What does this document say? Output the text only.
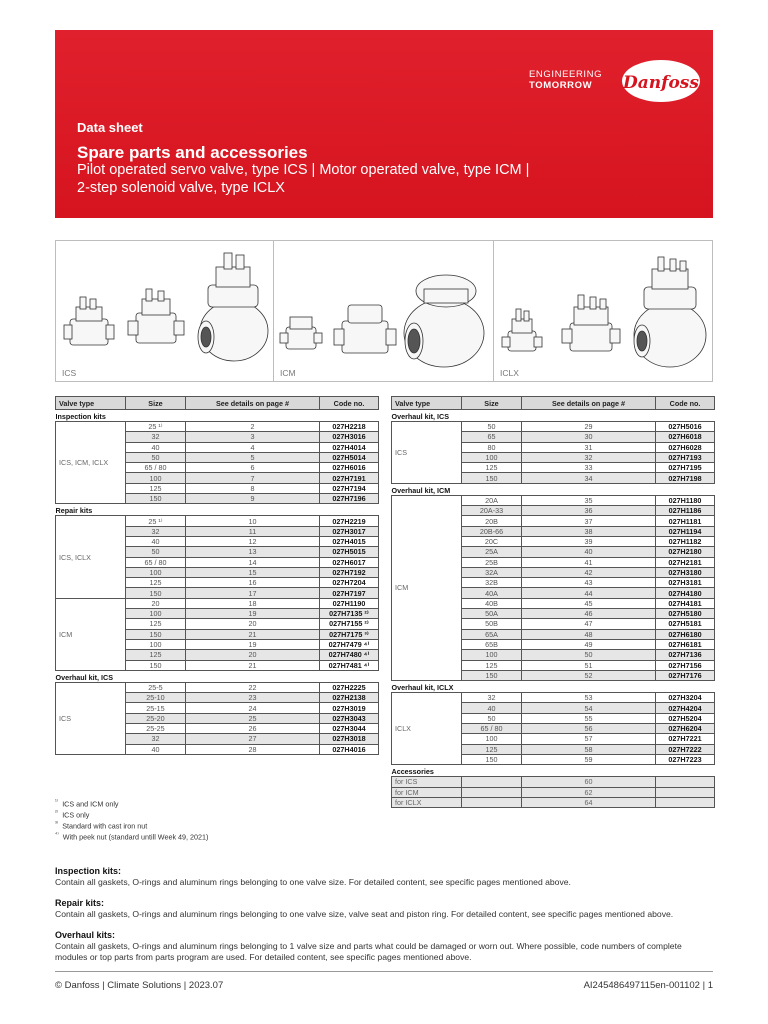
ENGINEERING
TOMORROW	Danfoss
Data sheet
Spare parts and accessories
Pilot operated servo valve, type ICS | Motor operated valve, type ICM |
2-step solenoid valve, type ICLX
ICS	ICM	ICLX
Valve type	Size	See details on page #	Code no.
Inspection kits			
ICS, ICM, ICLX	25 ¹⁾	2	027H2218
	32	3	027H3016
	40	4	027H4014
	50	5	027H5014
	65 / 80	6	027H6016
	100	7	027H7191
	125	8	027H7194
	150	9	027H7196
Repair kits			
ICS, ICLX	25 ¹⁾	10	027H2219
	32	11	027H3017
	40	12	027H4015
	50	13	027H5015
	65 / 80	14	027H6017
	100	15	027H7192
	125	16	027H7204
	150	17	027H7197
ICM	20	18	027H1190
	100	19	027H7135 ²⁾
	125	20	027H7155 ²⁾
	150	21	027H7175 ³⁾
	100	19	027H7479 ⁴⁾
	125	20	027H7480 ⁴⁾
	150	21	027H7481 ⁴⁾
Overhaul kit, ICS			
ICS	25-5	22	027H2225
	25-10	23	027H2138
	25-15	24	027H3019
	25-20	25	027H3043
	25-25	26	027H3044
	32	27	027H3018
	40	28	027H4016
Valve type	Size	See details on page #	Code no.
Overhaul kit, ICS			
ICS	50	29	027H5016
	65	30	027H6018
	80	31	027H6028
	100	32	027H7193
	125	33	027H7195
	150	34	027H7198
Overhaul kit, ICM			
ICM	20A	35	027H1180
	20A-33	36	027H1186
	20B	37	027H1181
	20B-66	38	027H1194
	20C	39	027H1182
	25A	40	027H2180
	25B	41	027H2181
	32A	42	027H3180
	32B	43	027H3181
	40A	44	027H4180
	40B	45	027H4181
	50A	46	027H5180
	50B	47	027H5181
	65A	48	027H6180
	65B	49	027H6181
	100	50	027H7136
	125	51	027H7156
	150	52	027H7176
Overhaul kit, ICLX			
ICLX	32	53	027H3204
	40	54	027H4204
	50	55	027H5204
	65 / 80	56	027H6204
	100	57	027H7221
	125	58	027H7222
	150	59	027H7223
Accessories			
for ICS		60	
for ICM		62	
for ICLX		64	
$^{^{1)}}$ ICS and ICM only
$^{^{2)}}$ ICS only
$^{^{3)}}$ Standard with cast iron nut
$^{^{4)}}$ With peek nut (standard untill Week 49, 2021)
Inspection kits:

Contain all gaskets, O-rings and aluminum rings belonging to one valve size. For detailed content, see specific pages mentioned above.

Repair kits:

Contain all gaskets, O-rings and aluminum rings belonging to one valve size, valve seat and piston ring. For detailed content, see specific pages mentioned above.

Overhaul kits:

Contain all gaskets, O-rings and aluminum rings belonging to 1 valve size and parts what could be damaged or worn out. Where possible, code numbers of complete modules or top parts from parts program are used. For detailed content, see specific pages mentioned above.

© Danfoss | Climate Solutions | 2023.07	AI245486497115en-001102 | 1
